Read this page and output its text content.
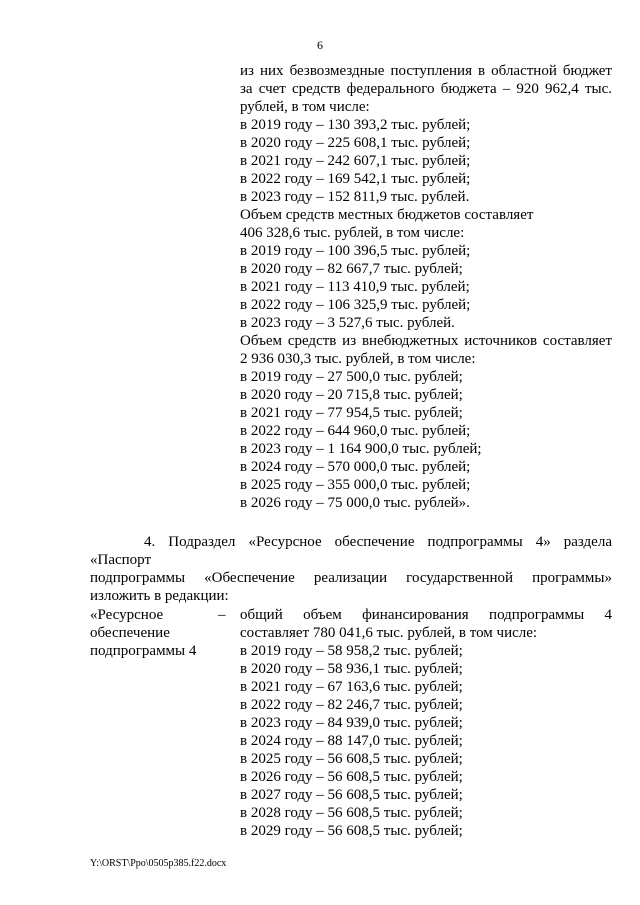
6
из них безвозмездные поступления в областной бюджет
за счет средств федерального бюджета – 920 962,4 тыс.
рублей, в том числе:
в 2019 году – 130 393,2 тыс. рублей;
в 2020 году – 225 608,1 тыс. рублей;
в 2021 году – 242 607,1 тыс. рублей;
в 2022 году – 169 542,1 тыс. рублей;
в 2023 году – 152 811,9 тыс. рублей.
Объем средств местных бюджетов составляет
406 328,6 тыс. рублей, в том числе:
в 2019 году – 100 396,5 тыс. рублей;
в 2020 году – 82 667,7 тыс. рублей;
в 2021 году – 113 410,9 тыс. рублей;
в 2022 году – 106 325,9 тыс. рублей;
в 2023 году – 3 527,6 тыс. рублей.
Объем средств из внебюджетных источников составляет
2 936 030,3 тыс. рублей, в том числе:
в 2019 году – 27 500,0 тыс. рублей;
в 2020 году – 20 715,8 тыс. рублей;
в 2021 году – 77 954,5 тыс. рублей;
в 2022 году – 644 960,0 тыс. рублей;
в 2023 году – 1 164 900,0 тыс. рублей;
в 2024 году – 570 000,0 тыс. рублей;
в 2025 году – 355 000,0 тыс. рублей;
в 2026 году – 75 000,0 тыс. рублей».
4. Подраздел «Ресурсное обеспечение подпрограммы 4» раздела «Паспорт
подпрограммы «Обеспечение реализации государственной программы»
изложить в редакции:
«Ресурсное
обеспечение
подпрограммы 4
– общий объем финансирования подпрограммы 4
составляет 780 041,6 тыс. рублей, в том числе:
в 2019 году – 58 958,2 тыс. рублей;
в 2020 году – 58 936,1 тыс. рублей;
в 2021 году – 67 163,6 тыс. рублей;
в 2022 году – 82 246,7 тыс. рублей;
в 2023 году – 84 939,0 тыс. рублей;
в 2024 году – 88 147,0 тыс. рублей;
в 2025 году – 56 608,5 тыс. рублей;
в 2026 году – 56 608,5 тыс. рублей;
в 2027 году – 56 608,5 тыс. рублей;
в 2028 году – 56 608,5 тыс. рублей;
в 2029 году – 56 608,5 тыс. рублей;
Y:\ORST\Ppo\0505p385.f22.docx
